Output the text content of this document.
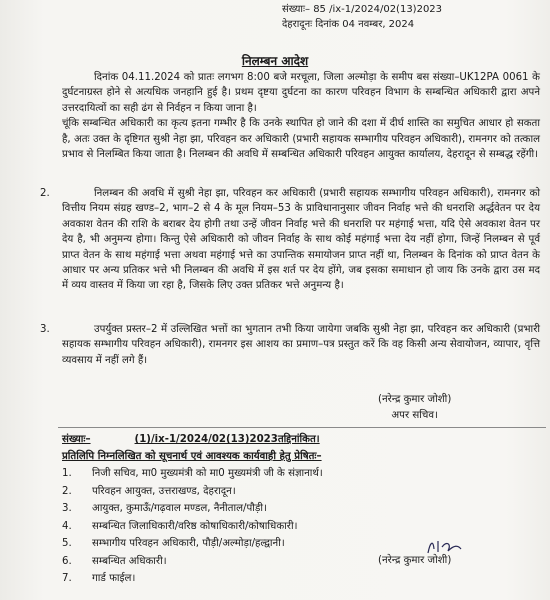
संख्याः– 85 /ix-1/2024/02(13)2023
देहरादूनः दिनांक 04 नवम्बर, 2024
निलम्बन आदेश
दिनांक 04.11.2024 को प्रातः लगभग 8:00 बजे मरचूला, जिला अल्मोड़ा के समीप बस संख्या–UK12PA 0061 के दुर्घटनाग्रस्त होने से अत्यधिक जनहानि हुई है। प्रथम दृष्टया दुर्घटना का कारण परिवहन विभाग के सम्बन्धित अधिकारी द्वारा अपने उत्तरदायित्वों का सही ढंग से निर्वहन न किया जाना है।
चूंकि सम्बन्धित अधिकारी का कृत्य इतना गम्भीर है कि उनके स्थापित हो जाने की दशा में दीर्घ शास्ति का समुचित आधार हो सकता है, अतः उक्त के दृष्टिगत सुश्री नेहा झा, परिवहन कर अधिकारी (प्रभारी सहायक सम्भागीय परिवहन अधिकारी), रामनगर को तत्काल प्रभाव से निलम्बित किया जाता है। निलम्बन की अवधि में सम्बन्धित अधिकारी परिवहन आयुक्त कार्यालय, देहरादून से सम्बद्ध रहेंगी।
2.	निलम्बन की अवधि में सुश्री नेहा झा, परिवहन कर अधिकारी (प्रभारी सहायक सम्भागीय परिवहन अधिकारी), रामनगर को वित्तीय नियम संग्रह खण्ड–2, भाग–2 से 4 के मूल नियम–53 के प्राविधानानुसार जीवन निर्वाह भत्ते की धनराशि अर्द्धवेतन पर देय अवकाश वेतन की राशि के बराबर देय होगी तथा उन्हें जीवन निर्वाह भत्ते की धनराशि पर महंगाई भत्ता, यदि ऐसे अवकाश वेतन पर देय है, भी अनुमन्य होगा। किन्तु ऐसे अधिकारी को जीवन निर्वाह के साथ कोई महंगाई भत्ता देय नहीं होगा, जिन्हें निलम्बन से पूर्व प्राप्त वेतन के साथ महंगाई भत्ता अथवा महंगाई भत्ते का उपान्तिक समायोजन प्राप्त नहीं था, निलम्बन के दिनांक को प्राप्त वेतन के आधार पर अन्य प्रतिकर भत्ते भी निलम्बन की अवधि में इस शर्त पर देय होंगे, जब इसका समाधान हो जाय कि उनके द्वारा उस मद में व्यय वास्तव में किया जा रहा है, जिसके लिए उक्त प्रतिकर भत्ते अनुमन्य है।
3.	उपर्युक्त प्रस्तर–2 में उल्लिखित भत्तों का भुगतान तभी किया जायेगा जबकि सुश्री नेहा झा, परिवहन कर अधिकारी (प्रभारी सहायक सम्भागीय परिवहन अधिकारी), रामनगर इस आशय का प्रमाण–पत्र प्रस्तुत करें कि वह किसी अन्य सेवायोजन, व्यापार, वृत्ति व्यवसाय में नहीं लगे हैं।
(नरेन्द्र कुमार जोशी)
अपर सचिव।
संख्याः–	(1)/ix-1/2024/02(13)2023तद्दिनांकित।
प्रतिलिपि निम्नलिखित को सूचनार्थ एवं आवश्यक कार्यवाही हेतु प्रेषितः–
1. निजी सचिव, मा0 मुख्यमंत्री को मा0 मुख्यमंत्री जी के संज्ञानार्थ।
2. परिवहन आयुक्त, उत्तराखण्ड, देहरादून।
3. आयुक्त, कुमाऊँ/गढ़वाल मण्डल, नैनीताल/पौड़ी।
4. सम्बन्धित जिलाधिकारी/वरिष्ठ कोषाधिकारी/कोषाधिकारी।
5. सम्भागीय परिवहन अधिकारी, पौड़ी/अल्मोड़ा/हल्द्वानी।
6. सम्बन्धित अधिकारी।
7. गार्ड फाईल।
(नरेन्द्र कुमार जोशी)
